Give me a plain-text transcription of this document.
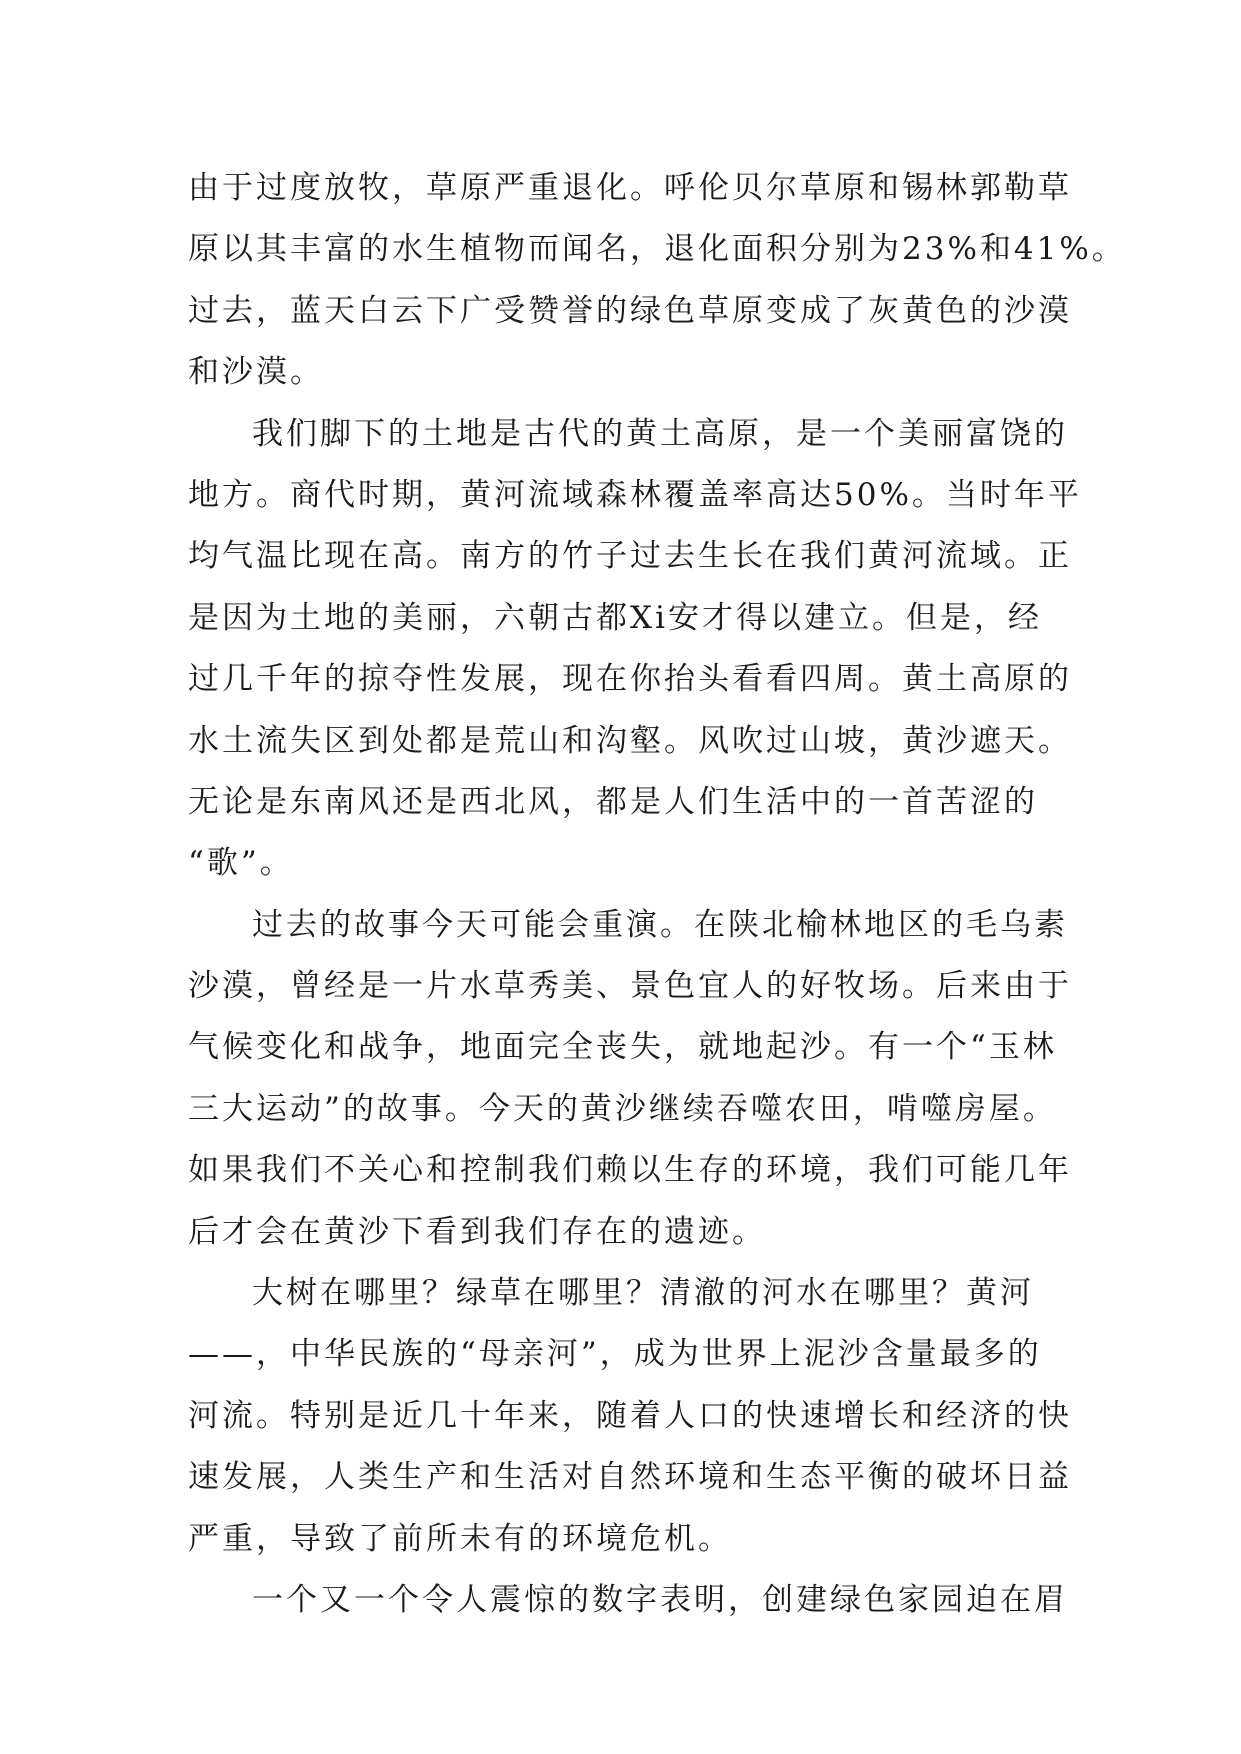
由于过度放牧，草原严重退化。呼伦贝尔草原和锡林郭勒草
原以其丰富的水生植物而闻名，退化面积分别为23%和41%。
过去，蓝天白云下广受赞誉的绿色草原变成了灰黄色的沙漠
和沙漠。
我们脚下的土地是古代的黄土高原，是一个美丽富饶的
地方。商代时期，黄河流域森林覆盖率高达50%。当时年平
均气温比现在高。南方的竹子过去生长在我们黄河流域。正
是因为土地的美丽，六朝古都Xi安才得以建立。但是，经
过几千年的掠夺性发展，现在你抬头看看四周。黄土高原的
水土流失区到处都是荒山和沟壑。风吹过山坡，黄沙遮天。
无论是东南风还是西北风，都是人们生活中的一首苦涩的
“歌”。
过去的故事今天可能会重演。在陕北榆林地区的毛乌素
沙漠，曾经是一片水草秀美、景色宜人的好牧场。后来由于
气候变化和战争，地面完全丧失，就地起沙。有一个“玉林
三大运动”的故事。今天的黄沙继续吞噬农田，啃噬房屋。
如果我们不关心和控制我们赖以生存的环境，我们可能几年
后才会在黄沙下看到我们存在的遗迹。
大树在哪里？绿草在哪里？清澈的河水在哪里？黄河
——，中华民族的“母亲河”，成为世界上泥沙含量最多的
河流。特别是近几十年来，随着人口的快速增长和经济的快
速发展，人类生产和生活对自然环境和生态平衡的破坏日益
严重，导致了前所未有的环境危机。
一个又一个令人震惊的数字表明，创建绿色家园迫在眉
